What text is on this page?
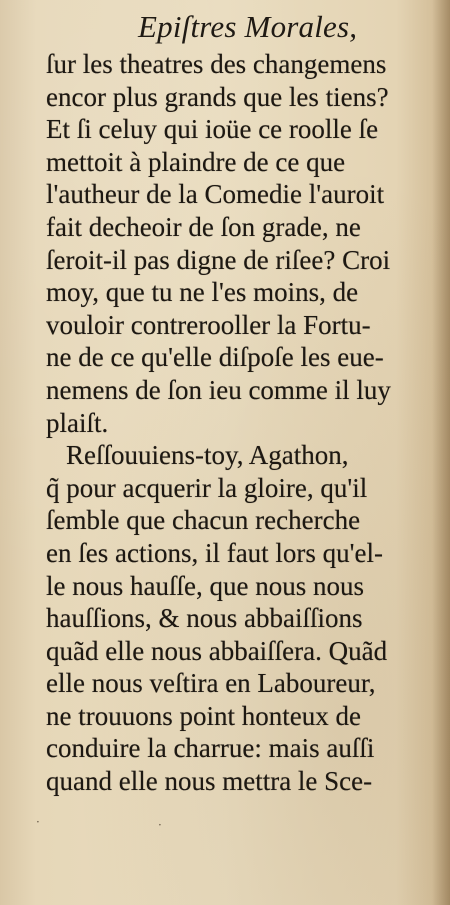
Epiſtres Morales,
ſur les theatres des changemens
encor plus grands que les tiens?
Et ſi celuy qui ioüe ce roolle ſe
mettoit à plaindre de ce que
l'autheur de la Comedie l'auroit
fait decheoir de ſon grade, ne
ſeroit-il pas digne de riſee? Croi
moy, que tu ne l'es moins, de
vouloir contrerooller la Fortu-
ne de ce qu'elle diſpoſe les eue-
nemens de ſon ieu comme il luy
plaiſt.
Reſſouuiens-toy, Agathon,
q̃ pour acquerir la gloire, qu'il
ſemble que chacun recherche
en ſes actions, il faut lors qu'el-
le nous hauſſe, que nous nous
hauſſions, & nous abbaiſſions
quãd elle nous abbaiſſera. Quãd
elle nous veſtira en Laboureur,
ne trouuons point honteux de
conduire la charrue: mais auſſi
quand elle nous mettra le Sce-
·	·
